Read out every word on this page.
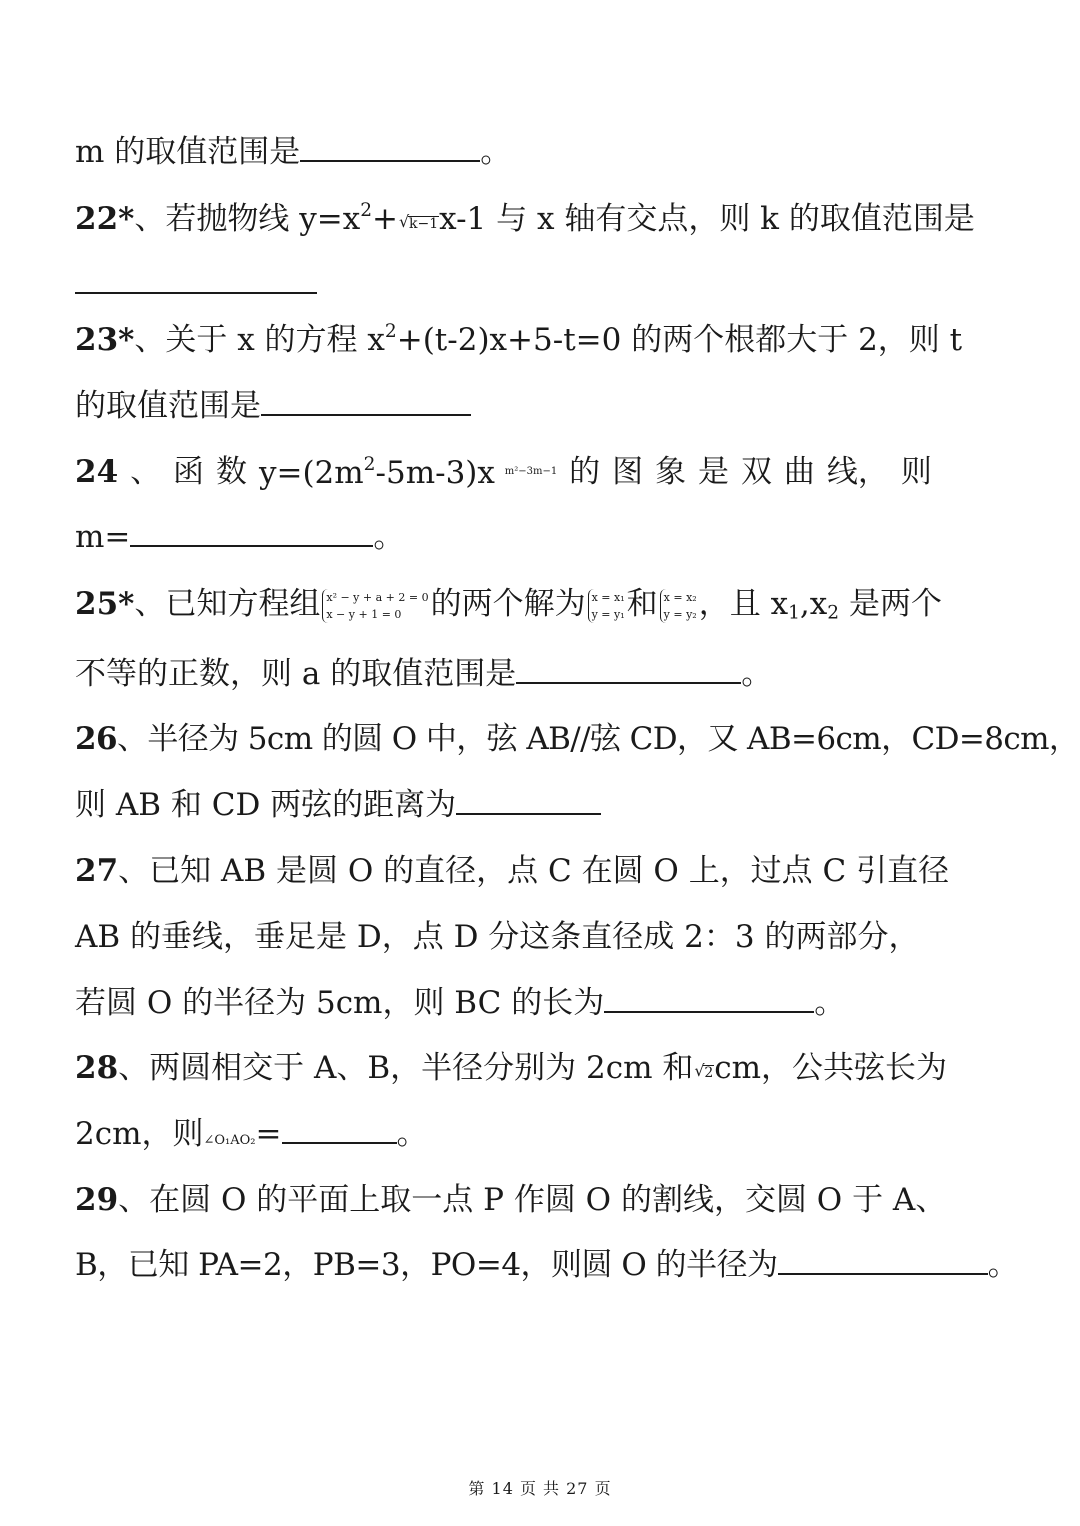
m 的取值范围是	。
22*、若抛物线 $y=x^2+√$ k−1x-1 与 x 轴有交点，则 k 的取值范围是
23*、关于 x 的方程 $x^2+(t-2)x+5-t=0$ 的两个根都大于 2，则 t
的取值范围是
24 、 函 数 $y=(2m^2-5m-3)x$ $^{m^2-3m-1}$ 的 图 象 是 双 曲 线， 则
m=	。
25*、已知方程组 x² − y + a + 2 = 0
x − y + 1 = 0 的两个解为 x = x₁
y = y₁ 和 x = x₂
y = y₂ ，且 $x_1,x_2$ 是两个
不等的正数，则 a 的取值范围是	。
26、半径为 5cm 的圆 O 中，弦 AB//弦 CD，又 AB=6cm，CD=8cm，
则 AB 和 CD 两弦的距离为
27、已知 AB 是圆 O 的直径，点 C 在圆 O 上，过点 C 引直径
AB 的垂线，垂足是 D，点 D 分这条直径成 2：3 的两部分，
若圆 O 的半径为 5cm，则 BC 的长为	。
28、两圆相交于 A、B，半径分别为 2cm 和√ 2cm，公共弦长为
2cm，则∠O₁AO₂=	。
29、在圆 O 的平面上取一点 P 作圆 O 的割线，交圆 O 于 A、
B，已知 PA=2，PB=3，PO=4，则圆 O 的半径为	。
第 14 页 共 27 页
